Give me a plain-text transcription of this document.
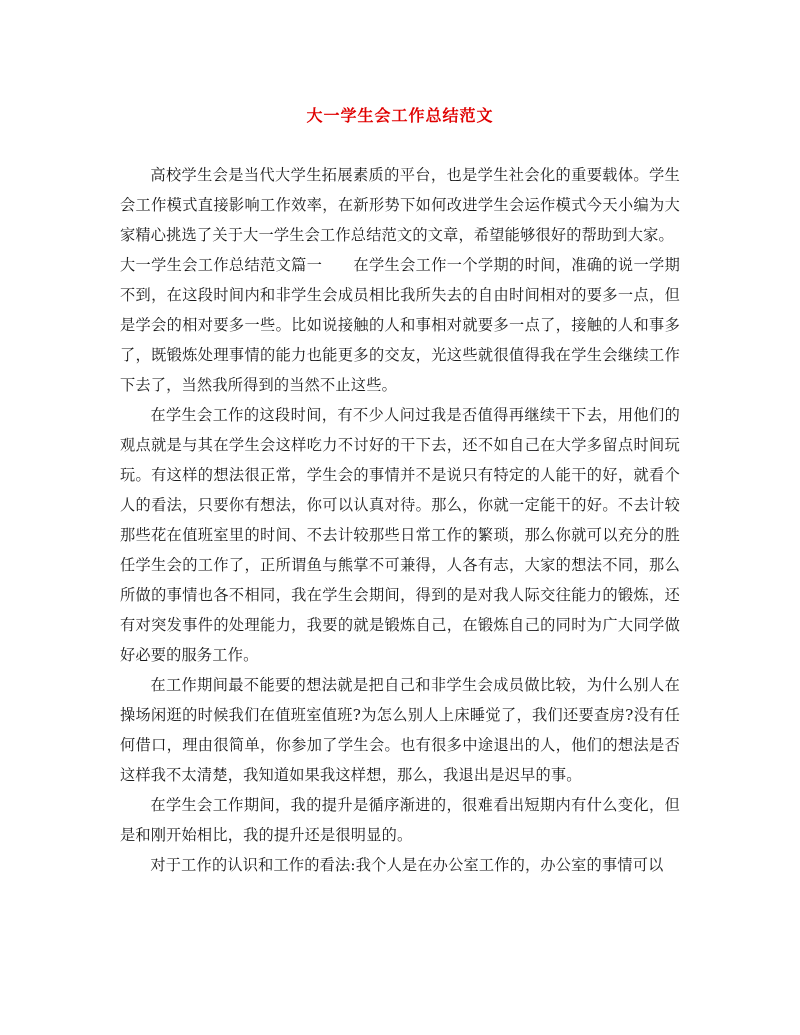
大一学生会工作总结范文

高校学生会是当代大学生拓展素质的平台，也是学生社会化的重要载体。学生会工作模式直接影响工作效率，在新形势下如何改进学生会运作模式今天小编为大家精心挑选了关于大一学生会工作总结范文的文章，希望能够很好的帮助到大家。

大一学生会工作总结范文篇一　　在学生会工作一个学期的时间，准确的说一学期不到，在这段时间内和非学生会成员相比我所失去的自由时间相对的要多一点，但是学会的相对要多一些。比如说接触的人和事相对就要多一点了，接触的人和事多了，既锻炼处理事情的能力也能更多的交友，光这些就很值得我在学生会继续工作下去了，当然我所得到的当然不止这些。

在学生会工作的这段时间，有不少人问过我是否值得再继续干下去，用他们的观点就是与其在学生会这样吃力不讨好的干下去，还不如自己在大学多留点时间玩玩。有这样的想法很正常，学生会的事情并不是说只有特定的人能干的好，就看个人的看法，只要你有想法，你可以认真对待。那么，你就一定能干的好。不去计较那些花在值班室里的时间、不去计较那些日常工作的繁琐，那么你就可以充分的胜任学生会的工作了，正所谓鱼与熊掌不可兼得，人各有志，大家的想法不同，那么所做的事情也各不相同，我在学生会期间，得到的是对我人际交往能力的锻炼，还有对突发事件的处理能力，我要的就是锻炼自己，在锻炼自己的同时为广大同学做好必要的服务工作。

在工作期间最不能要的想法就是把自己和非学生会成员做比较，为什么别人在操场闲逛的时候我们在值班室值班?为怎么别人上床睡觉了，我们还要查房?没有任何借口，理由很简单，你参加了学生会。也有很多中途退出的人，他们的想法是否这样我不太清楚，我知道如果我这样想，那么，我退出是迟早的事。

在学生会工作期间，我的提升是循序渐进的，很难看出短期内有什么变化，但是和刚开始相比，我的提升还是很明显的。

对于工作的认识和工作的看法:我个人是在办公室工作的，办公室的事情可以
